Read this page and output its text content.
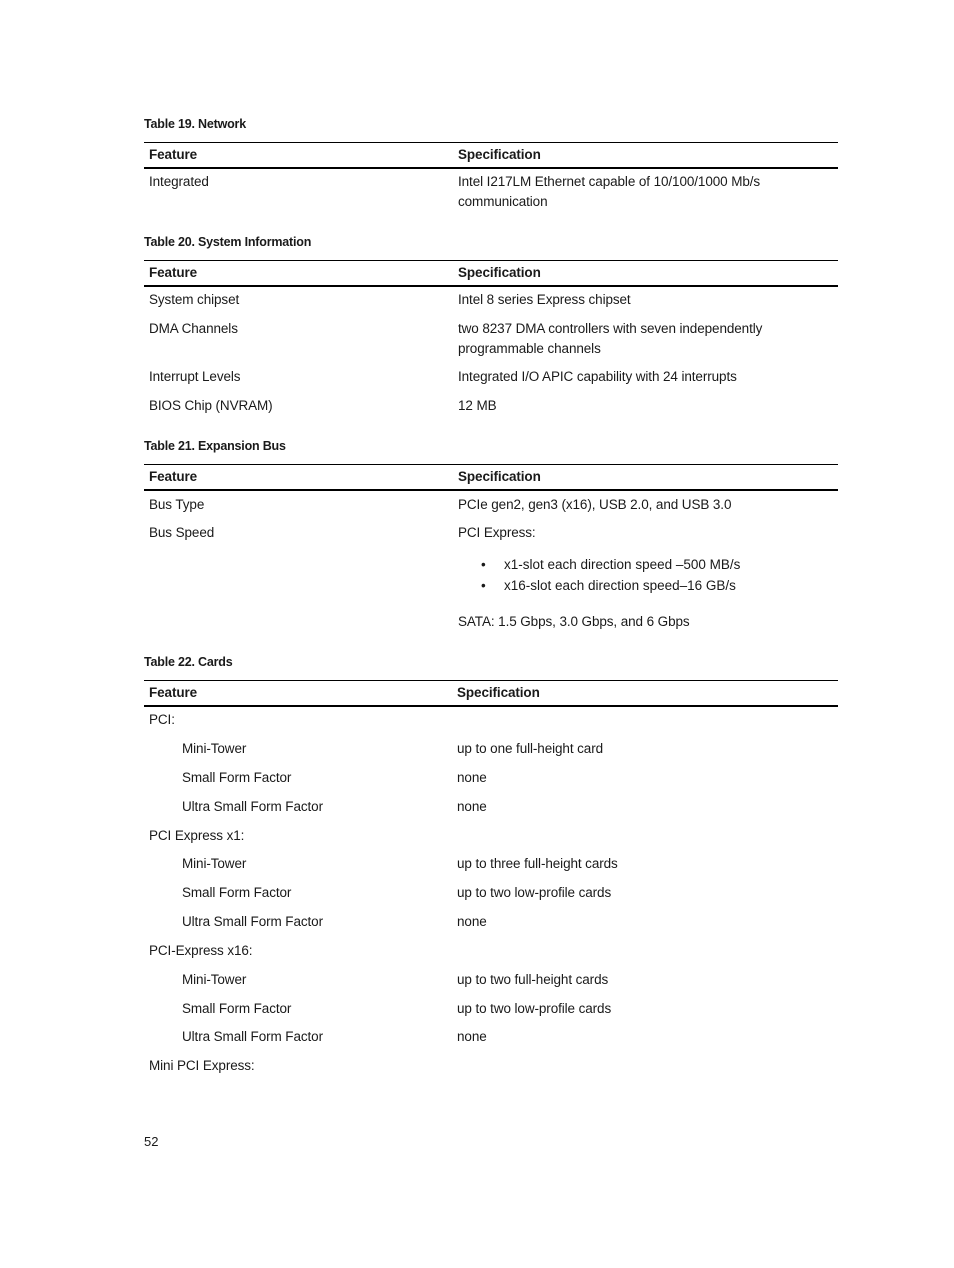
Table 19. Network
Feature	Specification
Integrated	Intel I217LM Ethernet capable of 10/100/1000 Mb/s communication
Table 20. System Information
Feature	Specification
System chipset	Intel 8 series Express chipset
DMA Channels	two 8237 DMA controllers with seven independently programmable channels
Interrupt Levels	Integrated I/O APIC capability with 24 interrupts
BIOS Chip (NVRAM)	12 MB
Table 21. Expansion Bus
Feature	Specification
Bus Type	PCIe gen2, gen3 (x16), USB 2.0, and USB 3.0
Bus Speed	PCI Express:
• x1-slot each direction speed –500 MB/s
• x16-slot each direction speed–16 GB/s
SATA: 1.5 Gbps, 3.0 Gbps, and 6 Gbps
Table 22. Cards
Feature	Specification
PCI:
Mini-Tower	up to one full-height card
Small Form Factor	none
Ultra Small Form Factor	none
PCI Express x1:
Mini-Tower	up to three full-height cards
Small Form Factor	up to two low-profile cards
Ultra Small Form Factor	none
PCI-Express x16:
Mini-Tower	up to two full-height cards
Small Form Factor	up to two low-profile cards
Ultra Small Form Factor	none
Mini PCI Express:
52
